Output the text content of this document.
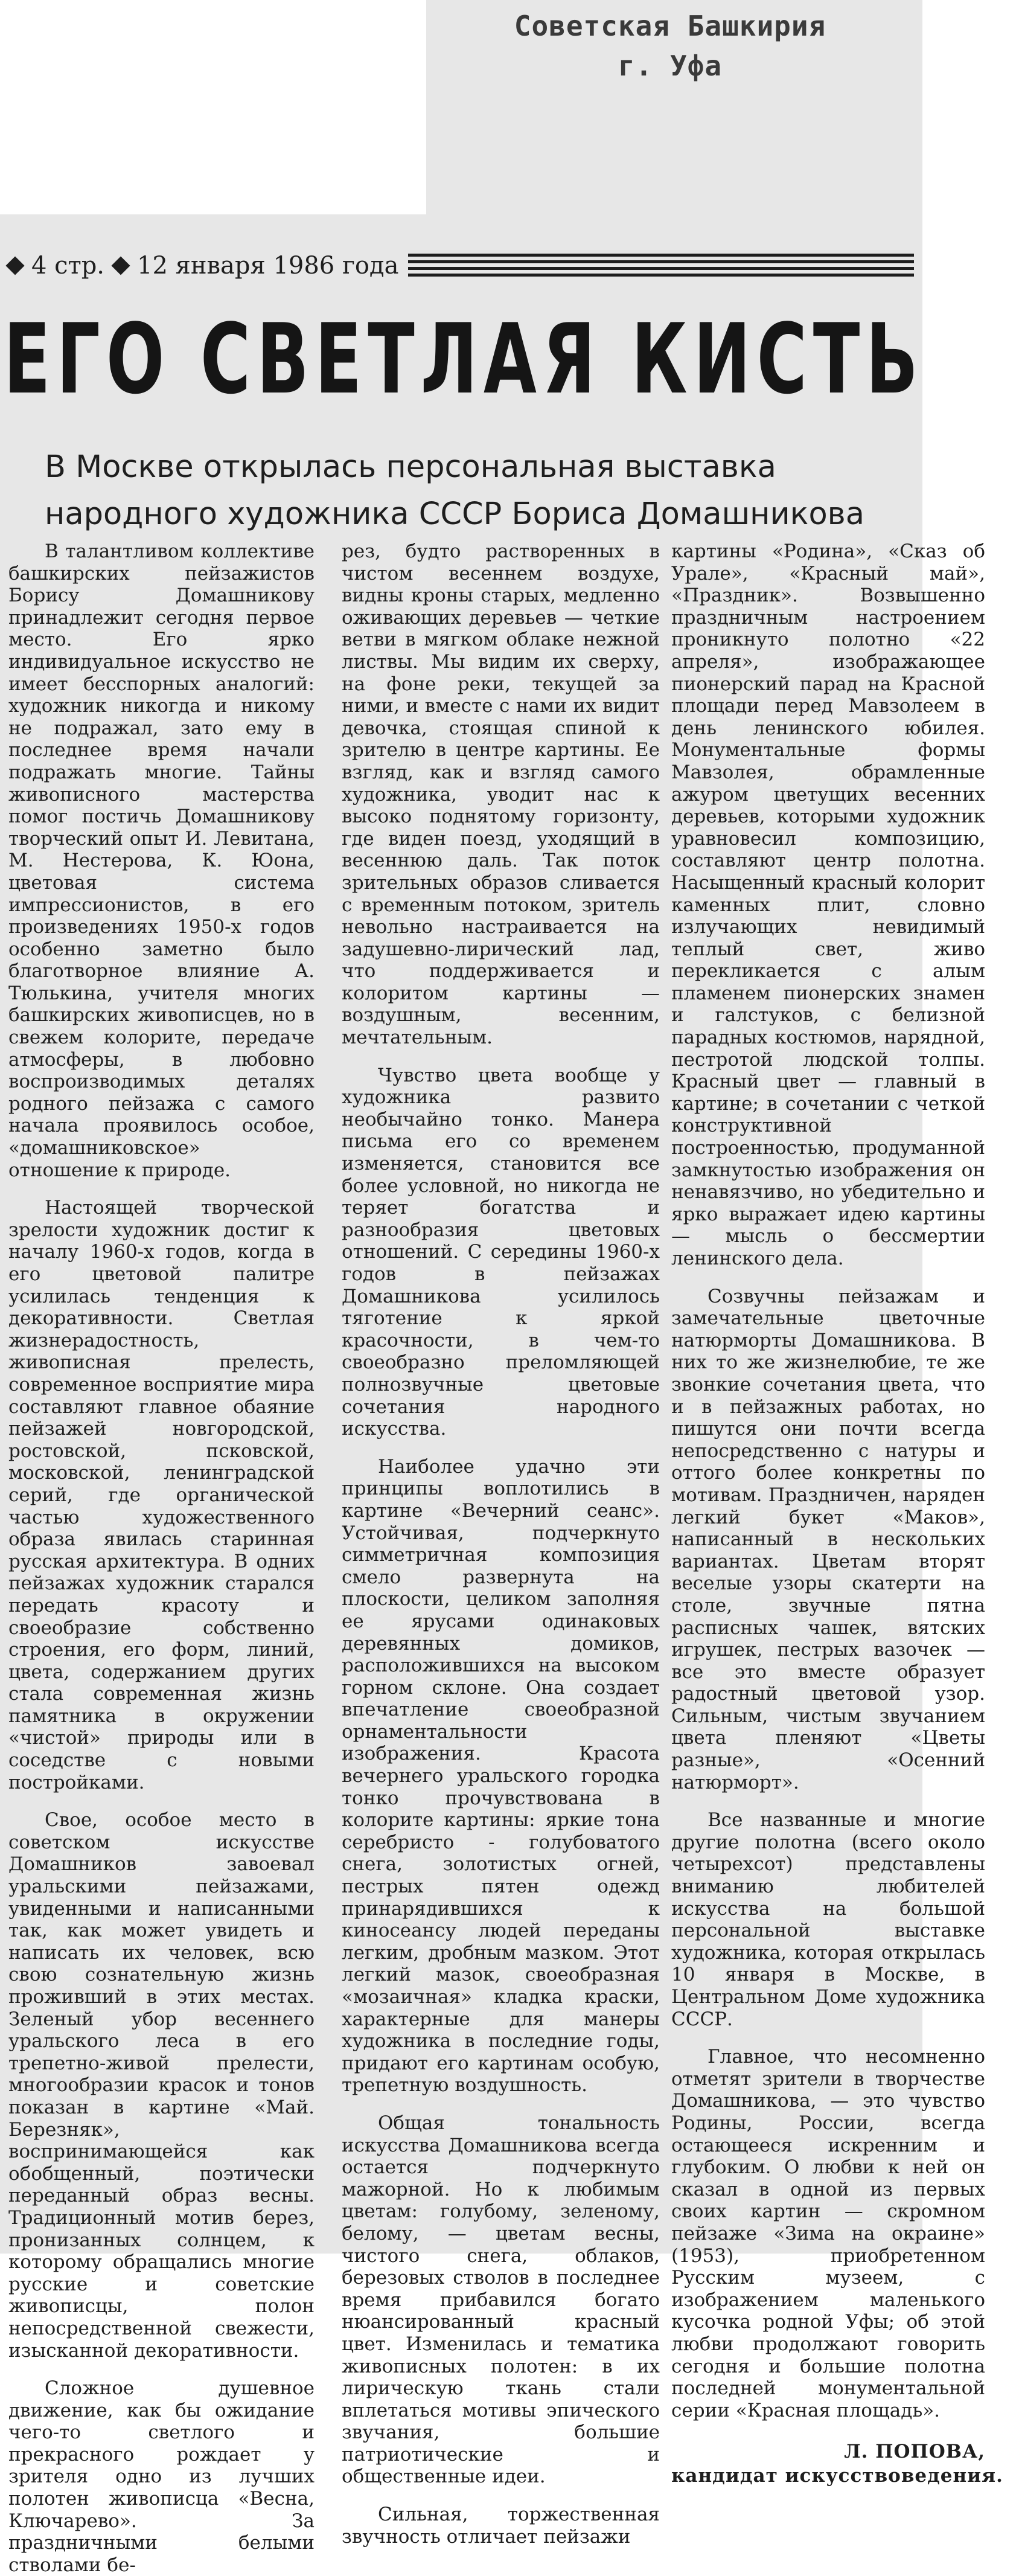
Советская Башкирия
г. Уфа
4 стр. 12 января 1986 года
ЕГО СВЕТЛАЯ КИСТЬ
В Москве открылась персональная выставка
народного художника СССР Бориса Домашникова

В талантливом коллективе башкирских пейзажистов Борису Домашникову принадлежит сегодня первое место. Его ярко индивидуальное искусство не имеет бесспорных аналогий: художник никогда и никому не подражал, зато ему в последнее время начали подражать многие. Тайны живописного мастерства помог постичь Домашникову творческий опыт И. Левитана, М. Нестерова, К. Юона, цветовая система импрессионистов, в его произведениях 1950-х годов особенно заметно было благотворное влияние А. Тюлькина, учителя многих башкирских живописцев, но в свежем колорите, передаче атмосферы, в любовно воспроизводимых деталях родного пейзажа с самого начала проявилось особое, «домашниковское» отношение к природе.

Настоящей творческой зрелости художник достиг к началу 1960-х годов, когда в его цветовой палитре усилилась тенденция к декоративности. Светлая жизнерадостность, живописная прелесть, современное восприятие мира составляют главное обаяние пейзажей новгородской, ростовской, псковской, московской, ленинградской серий, где органической частью художественного образа явилась старинная русская архитектура. В одних пейзажах художник старался передать красоту и своеобразие собственно строения, его форм, линий, цвета, содержанием других стала современная жизнь памятника в окружении «чистой» природы или в соседстве с новыми постройками.

Свое, особое место в советском искусстве Домашников завоевал уральскими пейзажами, увиденными и написанными так, как может увидеть и написать их человек, всю свою сознательную жизнь проживший в этих местах. Зеленый убор весеннего уральского леса в его трепетно-живой прелести, многообразии красок и тонов показан в картине «Май. Березняк», воспринимающейся как обобщенный, поэтически переданный образ весны. Традиционный мотив берез, пронизанных солнцем, к которому обращались многие русские и советские живописцы, полон непосредственной свежести, изысканной декоративности.

Сложное душевное движение, как бы ожидание чего-то светлого и прекрасного рождает у зрителя одно из лучших полотен живописца «Весна, Ключарево». За праздничными белыми стволами бе-

рез, будто растворенных в чистом весеннем воздухе, видны кроны старых, медленно оживающих деревьев — четкие ветви в мягком облаке нежной листвы. Мы видим их сверху, на фоне реки, текущей за ними, и вместе с нами их видит девочка, стоящая спиной к зрителю в центре картины. Ее взгляд, как и взгляд самого художника, уводит нас к высоко поднятому горизонту, где виден поезд, уходящий в весеннюю даль. Так поток зрительных образов сливается с временным потоком, зритель невольно настраивается на задушевно-лирический лад, что поддерживается и колоритом картины — воздушным, весенним, мечтательным.

Чувство цвета вообще у художника развито необычайно тонко. Манера письма его со временем изменяется, становится все более условной, но никогда не теряет богатства и разнообразия цветовых отношений. С середины 1960-х годов в пейзажах Домашникова усилилось тяготение к яркой красочности, в чем-то своеобразно преломляющей полнозвучные цветовые сочетания народного искусства.

Наиболее удачно эти принципы воплотились в картине «Вечерний сеанс». Устойчивая, подчеркнуто симметричная композиция смело развернута на плоскости, целиком заполняя ее ярусами одинаковых деревянных домиков, расположившихся на высоком горном склоне. Она создает впечатление своеобразной орнаментальности изображения. Красота вечернего уральского городка тонко прочувствована в колорите картины: яркие тона серебристо - голубоватого снега, золотистых огней, пестрых пятен одежд принарядившихся к киносеансу людей переданы легким, дробным мазком. Этот легкий мазок, своеобразная «мозаичная» кладка краски, характерные для манеры художника в последние годы, придают его картинам особую, трепетную воздушность.

Общая тональность искусства Домашникова всегда остается подчеркнуто мажорной. Но к любимым цветам: голубому, зеленому, белому, — цветам весны, чистого снега, облаков, березовых стволов в последнее время прибавился богато нюансированный красный цвет. Изменилась и тематика живописных полотен: в их лирическую ткань стали вплетаться мотивы эпического звучания, большие патриотические и общественные идеи.

Сильная, торжественная звучность отличает пейзажи

картины «Родина», «Сказ об Урале», «Красный май», «Праздник». Возвышенно праздничным настроением проникнуто полотно «22 апреля», изображающее пионерский парад на Красной площади перед Мавзолеем в день ленинского юбилея. Монументальные формы Мавзолея, обрамленные ажуром цветущих весенних деревьев, которыми художник уравновесил композицию, составляют центр полотна. Насыщенный красный колорит каменных плит, словно излучающих невидимый теплый свет, живо перекликается с алым пламенем пионерских знамен и галстуков, с белизной парадных костюмов, нарядной, пестротой людской толпы. Красный цвет — главный в картине; в сочетании с четкой конструктивной построенностью, продуманной замкнутостью изображения он ненавязчиво, но убедительно и ярко выражает идею картины — мысль о бессмертии ленинского дела.

Созвучны пейзажам и замечательные цветочные натюрморты Домашникова. В них то же жизнелюбие, те же звонкие сочетания цвета, что и в пейзажных работах, но пишутся они почти всегда непосредственно с натуры и оттого более конкретны по мотивам. Праздничен, наряден легкий букет «Маков», написанный в нескольких вариантах. Цветам вторят веселые узоры скатерти на столе, звучные пятна расписных чашек, вятских игрушек, пестрых вазочек — все это вместе образует радостный цветовой узор. Сильным, чистым звучанием цвета пленяют «Цветы разные», «Осенний натюрморт».

Все названные и многие другие полотна (всего около четырехсот) представлены вниманию любителей искусства на большой персональной выставке художника, которая открылась 10 января в Москве, в Центральном Доме художника СССР.

Главное, что несомненно отметят зрители в творчестве Домашникова, — это чувство Родины, России, всегда остающееся искренним и глубоким. О любви к ней он сказал в одной из первых своих картин — скромном пейзаже «Зима на окраине» (1953), приобретенном Русским музеем, с изображением маленького кусочка родной Уфы; об этой любви продолжают говорить сегодня и большие полотна последней монументальной серии «Красная площадь».

Л. ПОПОВА,
кандидат искусствоведения.
